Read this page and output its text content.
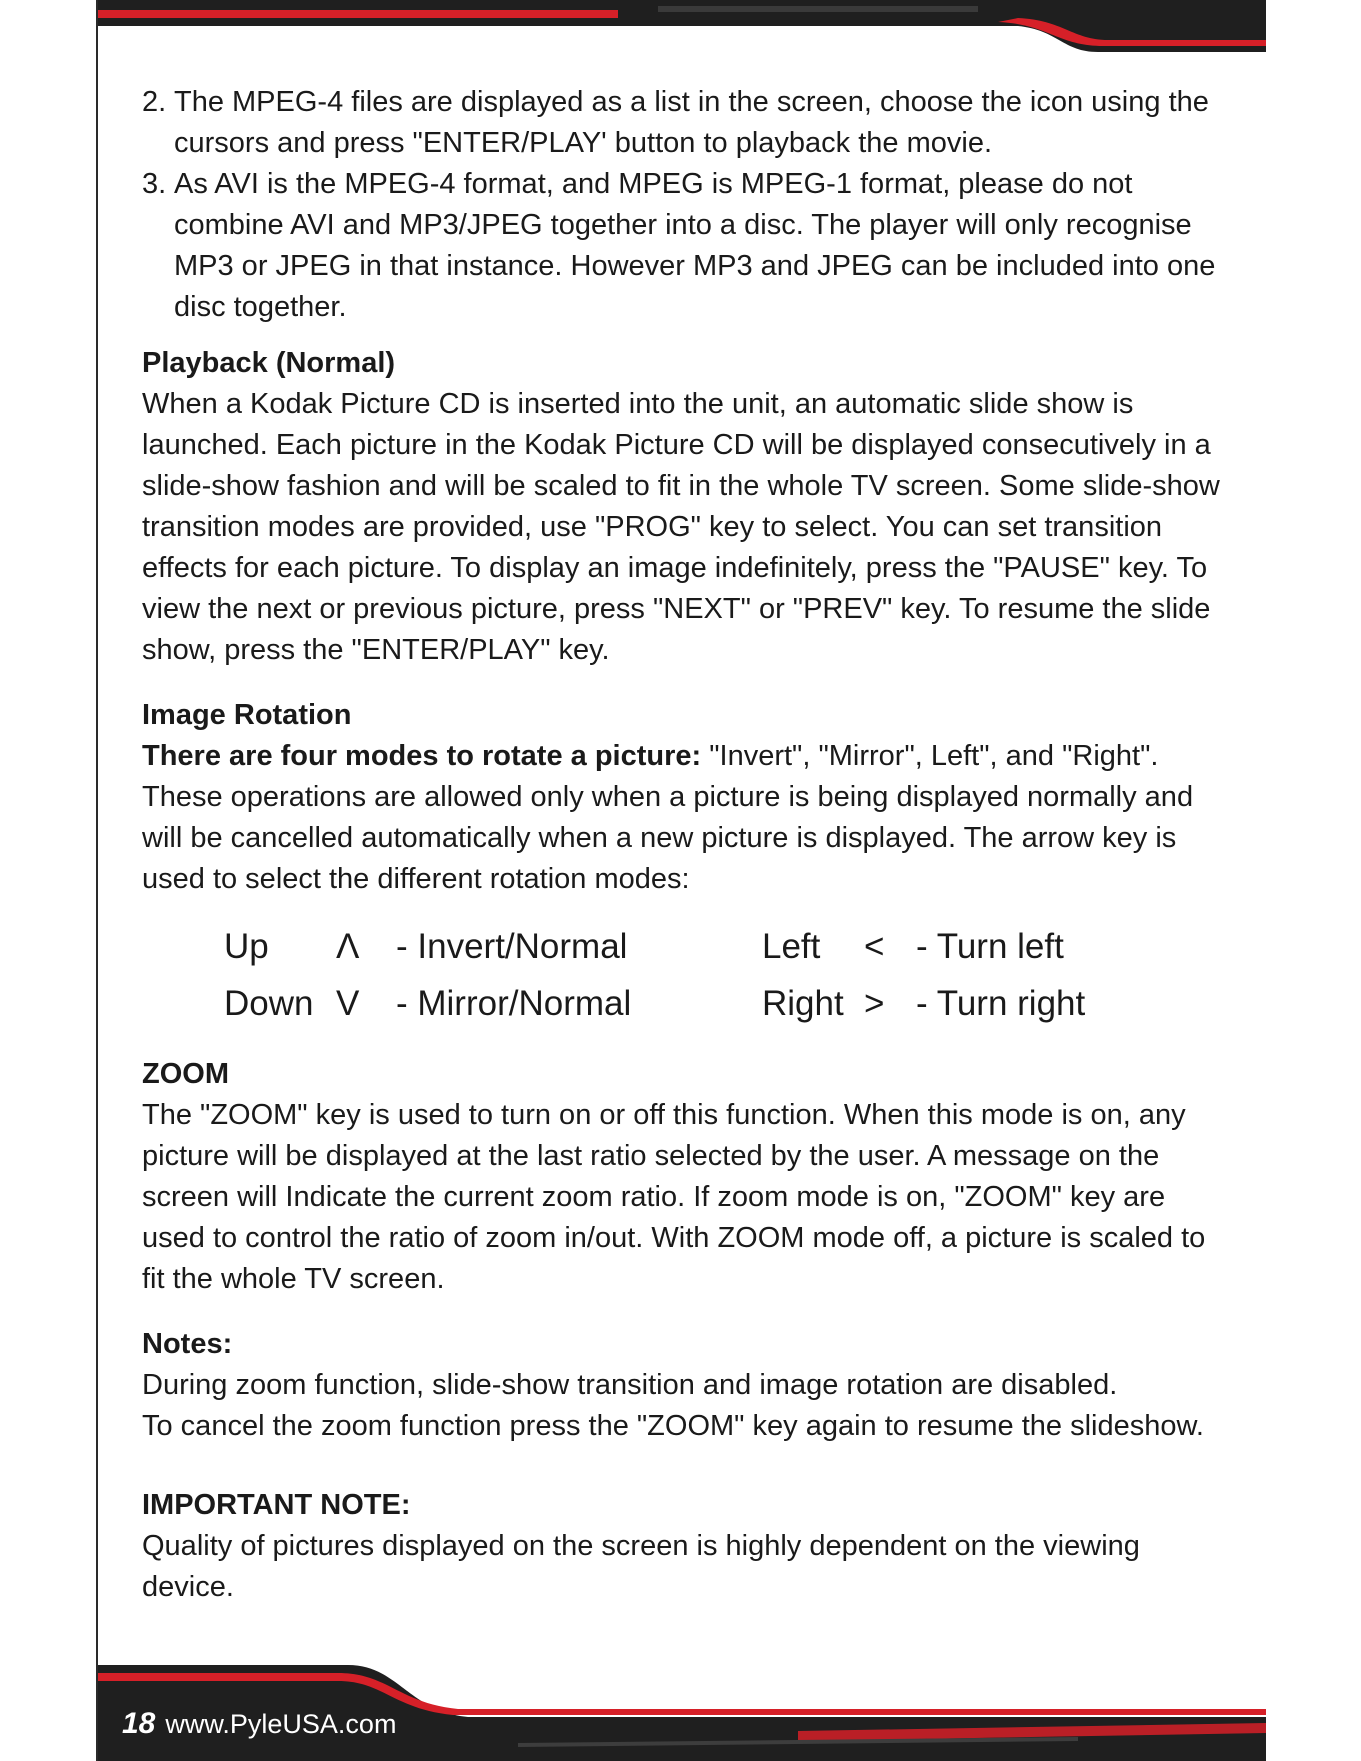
2. The MPEG-4 files are displayed as a list in the screen, choose the icon using the cursors and press "ENTER/PLAY' button to playback the movie.
3. As AVI is the MPEG-4 format, and MPEG is MPEG-1 format, please do not combine AVI and MP3/JPEG together into a disc. The player will only recognise MP3 or JPEG in that instance. However MP3 and JPEG can be included into one disc together.
Playback (Normal)

When a Kodak Picture CD is inserted into the unit, an automatic slide show is launched. Each picture in the Kodak Picture CD will be displayed consecutively in a slide-show fashion and will be scaled to fit in the whole TV screen. Some slide-show transition modes are provided, use "PROG" key to select. You can set transition effects for each picture. To display an image indefinitely, press the "PAUSE" key. To view the next or previous picture, press "NEXT" or "PREV" key. To resume the slide show, press the "ENTER/PLAY" key.

Image Rotation

There are four modes to rotate a picture: "Invert", "Mirror", Left", and "Right".

These operations are allowed only when a picture is being displayed normally and will be cancelled automatically when a new picture is displayed. The arrow key is used to select the different rotation modes:

Up	Λ	- Invert/Normal	Left	<	- Turn left
Down	V	- Mirror/Normal	Right	>	- Turn right
ZOOM

The "ZOOM" key is used to turn on or off this function. When this mode is on, any picture will be displayed at the last ratio selected by the user. A message on the screen will Indicate the current zoom ratio. If zoom mode is on, "ZOOM" key are used to control the ratio of zoom in/out. With ZOOM mode off, a picture is scaled to fit the whole TV screen.

Notes:

During zoom function, slide-show transition and image rotation are disabled.

To cancel the zoom function press the "ZOOM" key again to resume the slideshow.

IMPORTANT NOTE:

Quality of pictures displayed on the screen is highly dependent on the viewing device.

18 www.PyleUSA.com
